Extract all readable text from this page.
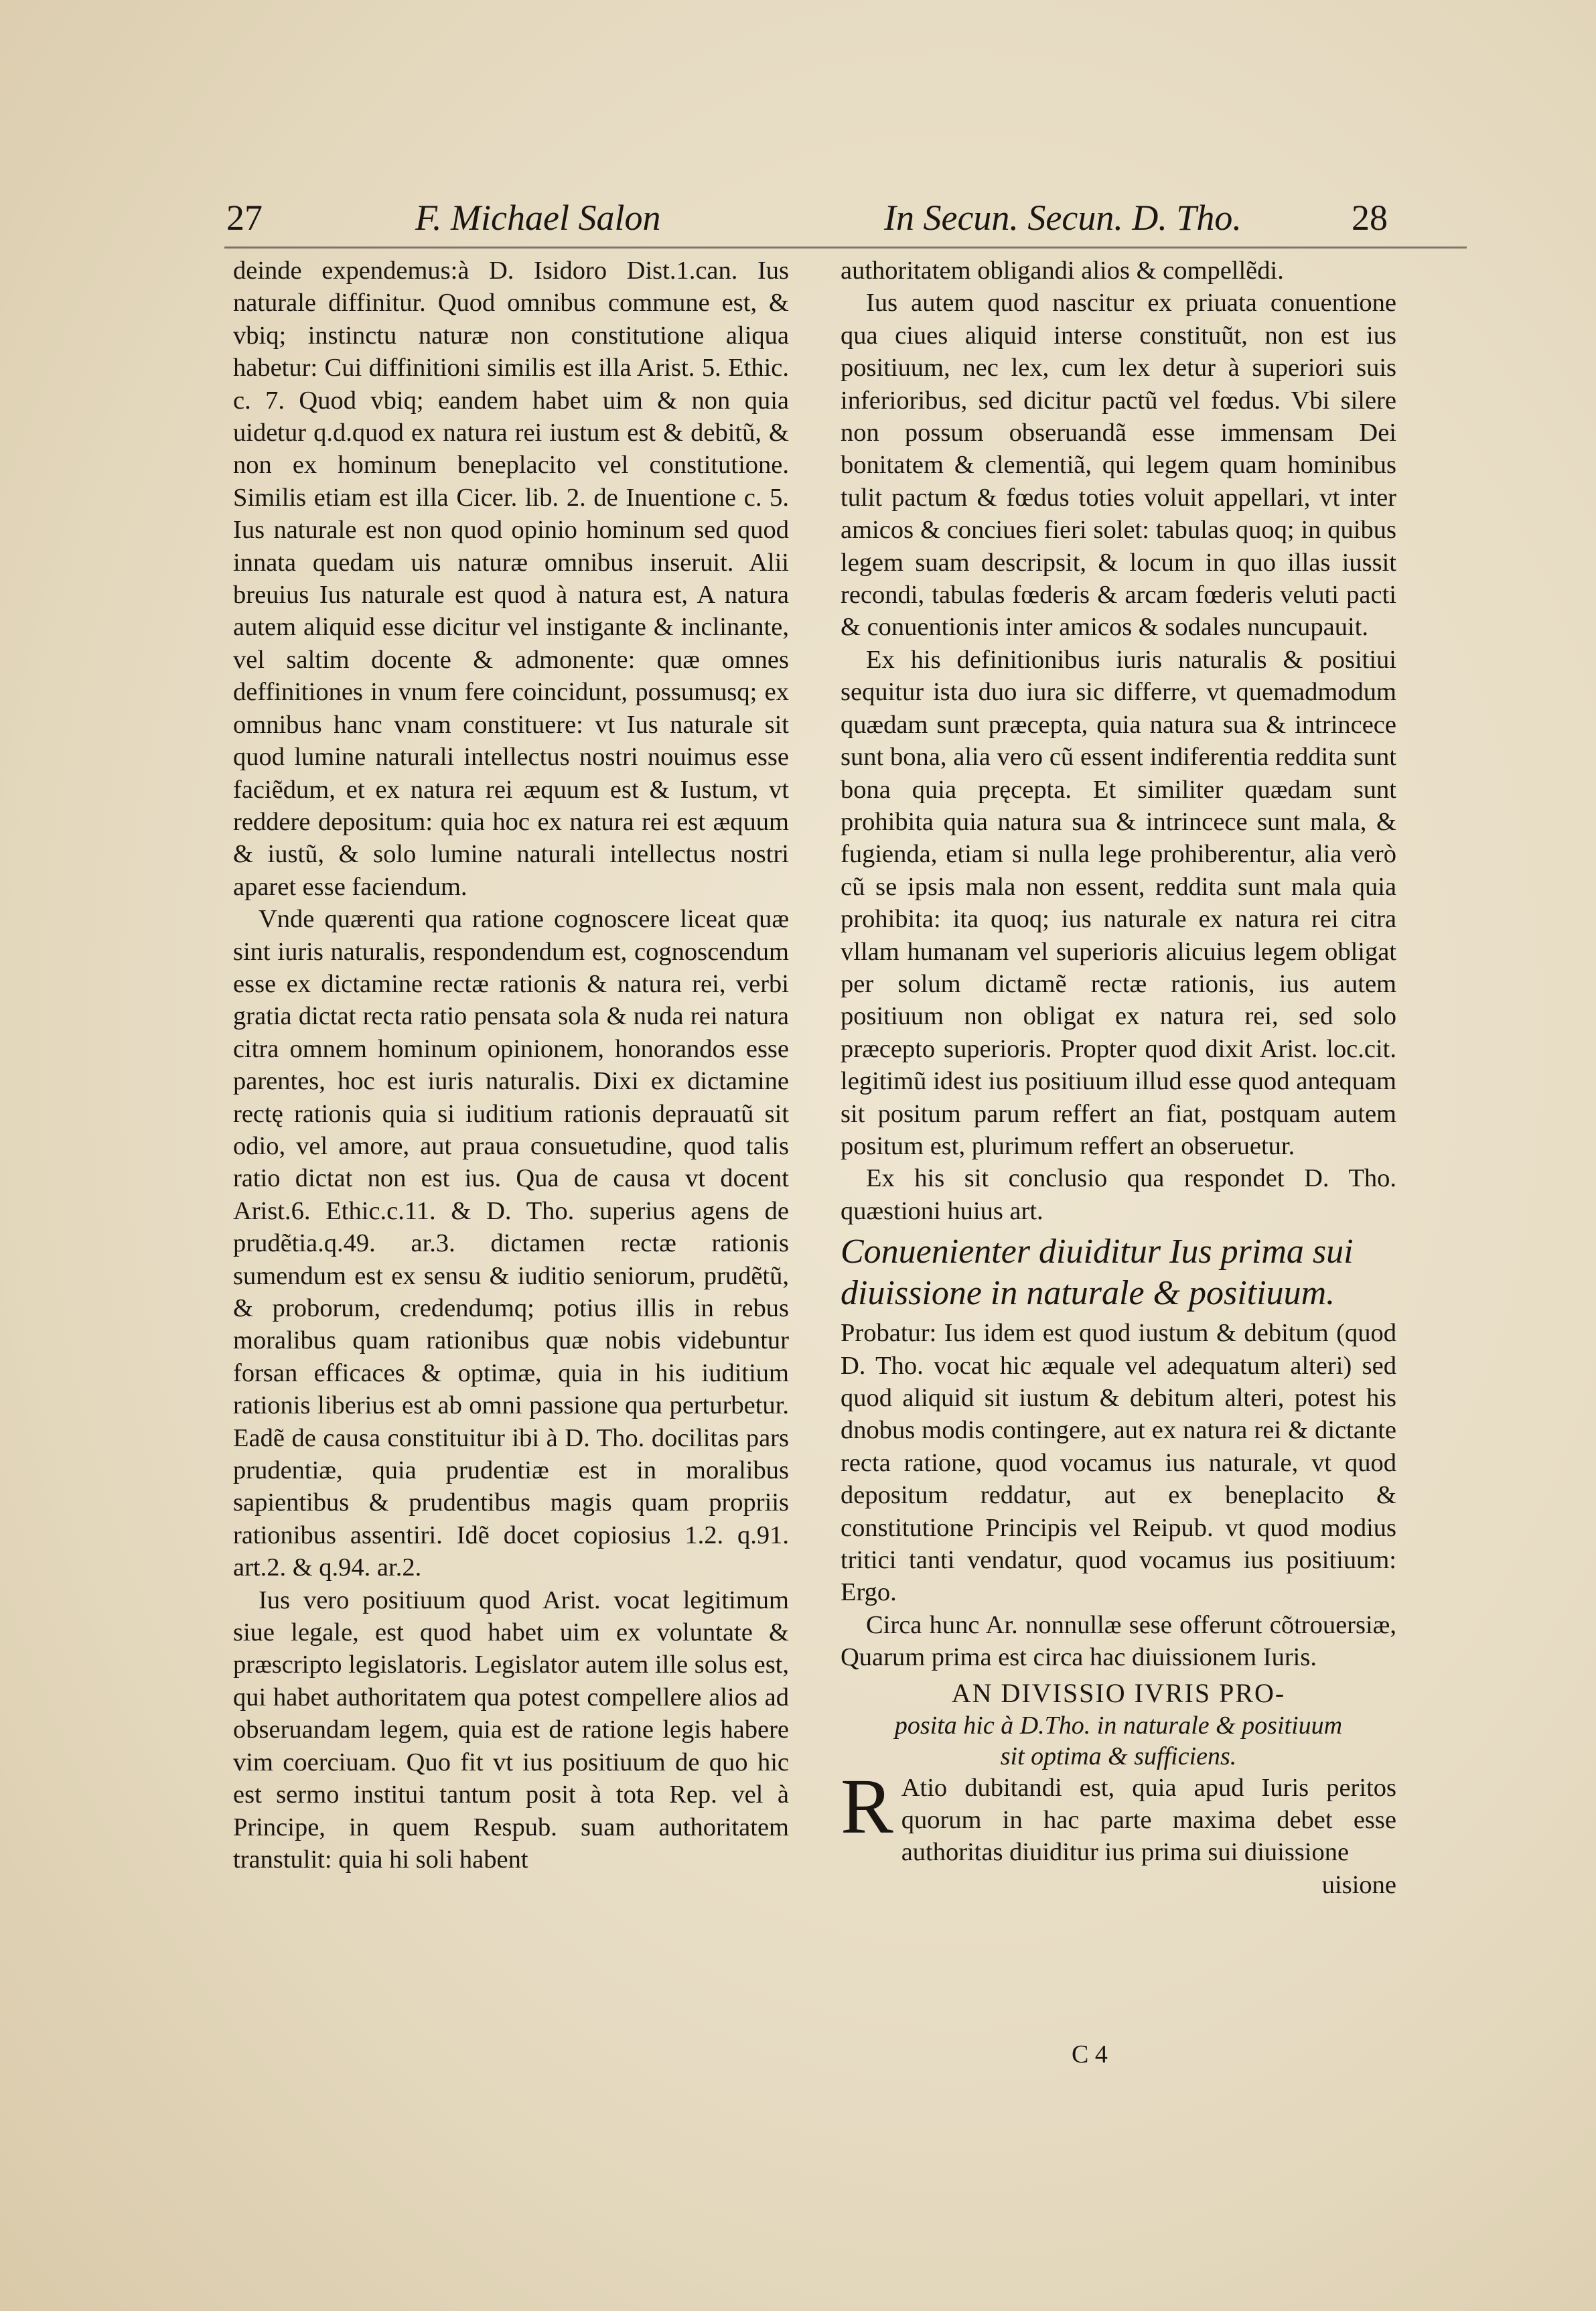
27	F. Michael Salon	In Secun. Secun. D. Tho.	28

deinde expendemus:à D. Isidoro Dist.1.can. Ius naturale diffinitur. Quod omnibus commune est, & vbiq; instinctu naturæ non constitutione aliqua habetur: Cui diffinitioni similis est illa Arist. 5. Ethic. c. 7. Quod vbiq; eandem habet uim & non quia uidetur q.d.quod ex natura rei iustum est & debitũ, & non ex hominum beneplacito vel constitutione. Similis etiam est illa Cicer. lib. 2. de Inuentione c. 5. Ius naturale est non quod opinio hominum sed quod innata quedam uis naturæ omnibus inseruit. Alii breuius Ius naturale est quod à natura est, A natura autem aliquid esse dicitur vel instigante & inclinante, vel saltim docente & admonente: quæ omnes deffinitiones in vnum fere coincidunt, possumusq; ex omnibus hanc vnam constituere: vt Ius naturale sit quod lumine naturali intellectus nostri nouimus esse faciẽdum, et ex natura rei æquum est & Iustum, vt reddere depositum: quia hoc ex natura rei est æquum & iustũ, & solo lumine naturali intellectus nostri aparet esse faciendum.

Vnde quærenti qua ratione cognoscere liceat quæ sint iuris naturalis, respondendum est, cognoscendum esse ex dictamine rectæ rationis & natura rei, verbi gratia dictat recta ratio pensata sola & nuda rei natura citra omnem hominum opinionem, honorandos esse parentes, hoc est iuris naturalis. Dixi ex dictamine rectę rationis quia si iuditium rationis deprauatũ sit odio, vel amore, aut praua consuetudine, quod talis ratio dictat non est ius. Qua de causa vt docent Arist.6. Ethic.c.11. & D. Tho. superius agens de prudẽtia.q.49. ar.3. dictamen rectæ rationis sumendum est ex sensu & iuditio seniorum, prudẽtũ, & proborum, credendumq; potius illis in rebus moralibus quam rationibus quæ nobis videbuntur forsan efficaces & optimæ, quia in his iuditium rationis liberius est ab omni passione qua perturbetur. Eadẽ de causa constituitur ibi à D. Tho. docilitas pars prudentiæ, quia prudentiæ est in moralibus sapientibus & prudentibus magis quam propriis rationibus assentiri. Idẽ docet copiosius 1.2. q.91. art.2. & q.94. ar.2.

Ius vero positiuum quod Arist. vocat legitimum siue legale, est quod habet uim ex voluntate & præscripto legislatoris. Legislator autem ille solus est, qui habet authoritatem qua potest compellere alios ad obseruandam legem, quia est de ratione legis habere vim coerciuam. Quo fit vt ius positiuum de quo hic est sermo institui tantum posit à tota Rep. vel à Principe, in quem Respub. suam authoritatem transtulit: quia hi soli habent

authoritatem obligandi alios & compellẽdi.

Ius autem quod nascitur ex priuata conuentione qua ciues aliquid interse constituũt, non est ius positiuum, nec lex, cum lex detur à superiori suis inferioribus, sed dicitur pactũ vel fœdus. Vbi silere non possum obseruandã esse immensam Dei bonitatem & clementiã, qui legem quam hominibus tulit pactum & fœdus toties voluit appellari, vt inter amicos & conciues fieri solet: tabulas quoq; in quibus legem suam descripsit, & locum in quo illas iussit recondi, tabulas fœderis & arcam fœderis veluti pacti & conuentionis inter amicos & sodales nuncupauit.

Ex his definitionibus iuris naturalis & positiui sequitur ista duo iura sic differre, vt quemadmodum quædam sunt præcepta, quia natura sua & intrincece sunt bona, alia vero cũ essent indiferentia reddita sunt bona quia pręcepta. Et similiter quædam sunt prohibita quia natura sua & intrincece sunt mala, & fugienda, etiam si nulla lege prohiberentur, alia verò cũ se ipsis mala non essent, reddita sunt mala quia prohibita: ita quoq; ius naturale ex natura rei citra vllam humanam vel superioris alicuius legem obligat per solum dictamẽ rectæ rationis, ius autem positiuum non obligat ex natura rei, sed solo præcepto superioris. Propter quod dixit Arist. loc.cit. legitimũ idest ius positiuum illud esse quod antequam sit positum parum reffert an fiat, postquam autem positum est, plurimum reffert an obseruetur.

Ex his sit conclusio qua respondet D. Tho. quæstioni huius art.

Conuenienter diuiditur Ius prima sui diuissione in naturale & positiuum.

Probatur: Ius idem est quod iustum & debitum (quod D. Tho. vocat hic æquale vel adequatum alteri) sed quod aliquid sit iustum & debitum alteri, potest his dnobus modis contingere, aut ex natura rei & dictante recta ratione, quod vocamus ius naturale, vt quod depositum reddatur, aut ex beneplacito & constitutione Principis vel Reipub. vt quod modius tritici tanti vendatur, quod vocamus ius positiuum: Ergo.

Circa hunc Ar. nonnullæ sese offerunt cõtrouersiæ, Quarum prima est circa hac diuissionem Iuris.

AN DIVISSIO IVRIS PRO-
posita hic à D.Tho. in naturale & positiuum
sit optima & sufficiens.
R Atio dubitandi est, quia apud Iuris peritos quorum in hac parte maxima debet esse authoritas diuiditur ius prima sui diuissione

uisione

C 4
